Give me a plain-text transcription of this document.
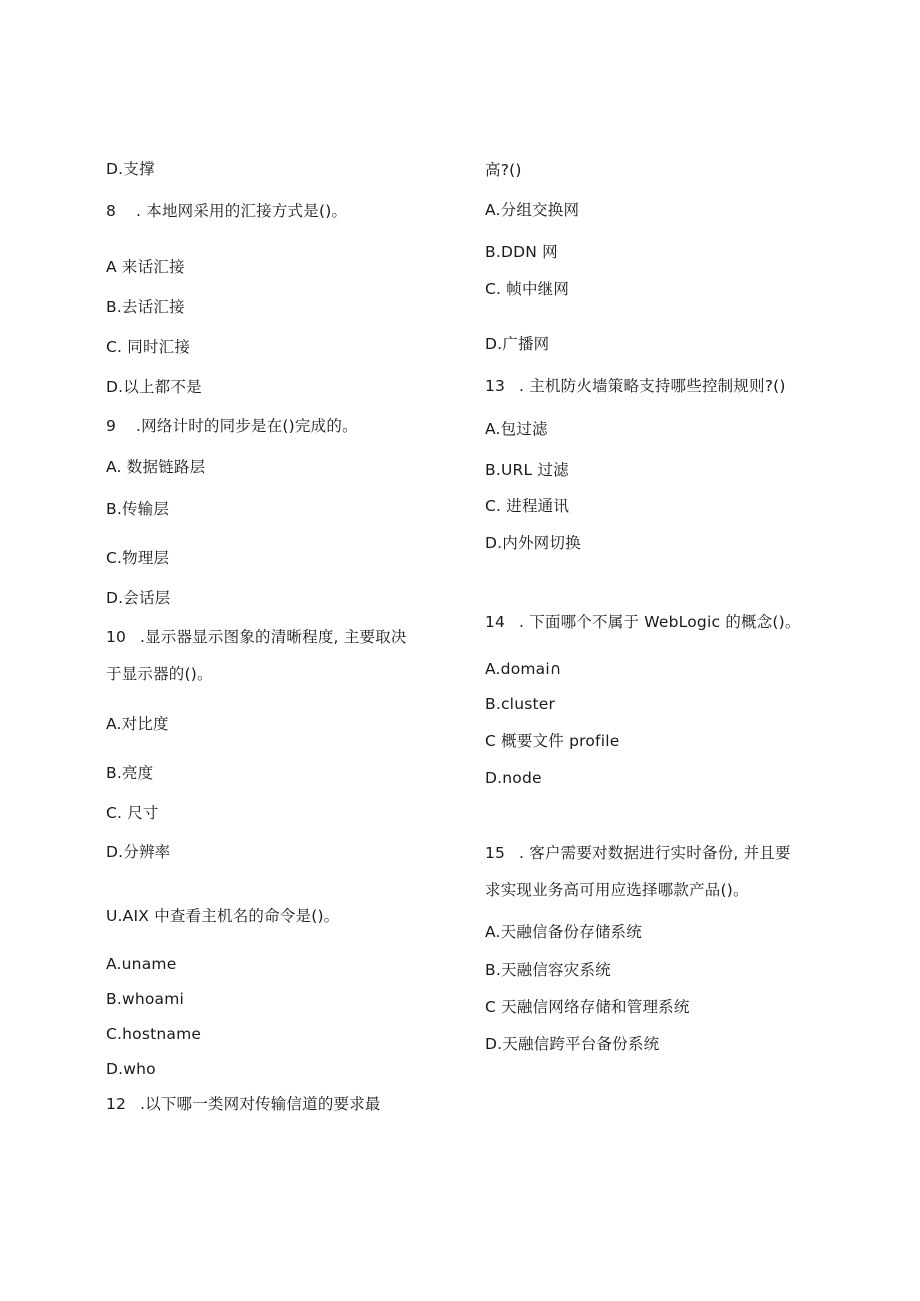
D.支撑
8 . 本地网采用的汇接方式是()。
A 来话汇接
B.去话汇接
C. 同时汇接
D.以上都不是
9 .网络计时的同步是在()完成的。
A. 数据链路层
B.传输层
C.物理层
D.会话层
10 .显示器显示图象的清晰程度, 主要取决
于显示器的()。
A.对比度
B.亮度
C. 尺寸
D.分辨率
U.AIX 中查看主机名的命令是()。
A.uname
B.whoami
C.hostname
D.who
12 .以下哪一类网对传输信道的要求最
高?()
A.分组交换网
B.DDN 网
C. 帧中继网
D.广播网
13 . 主机防火墙策略支持哪些控制规则?()
A.包过滤
B.URL 过滤
C. 进程通讯
D.内外网切换
14 . 下面哪个不属于 WebLogic 的概念()。
A.domai∩
B.cluster
C 概要文件 profile
D.node
15 . 客户需要对数据进行实时备份, 并且要
求实现业务高可用应选择哪款产品()。
A.天融信备份存储系统
B.天融信容灾系统
C 天融信网络存储和管理系统
D.天融信跨平台备份系统
